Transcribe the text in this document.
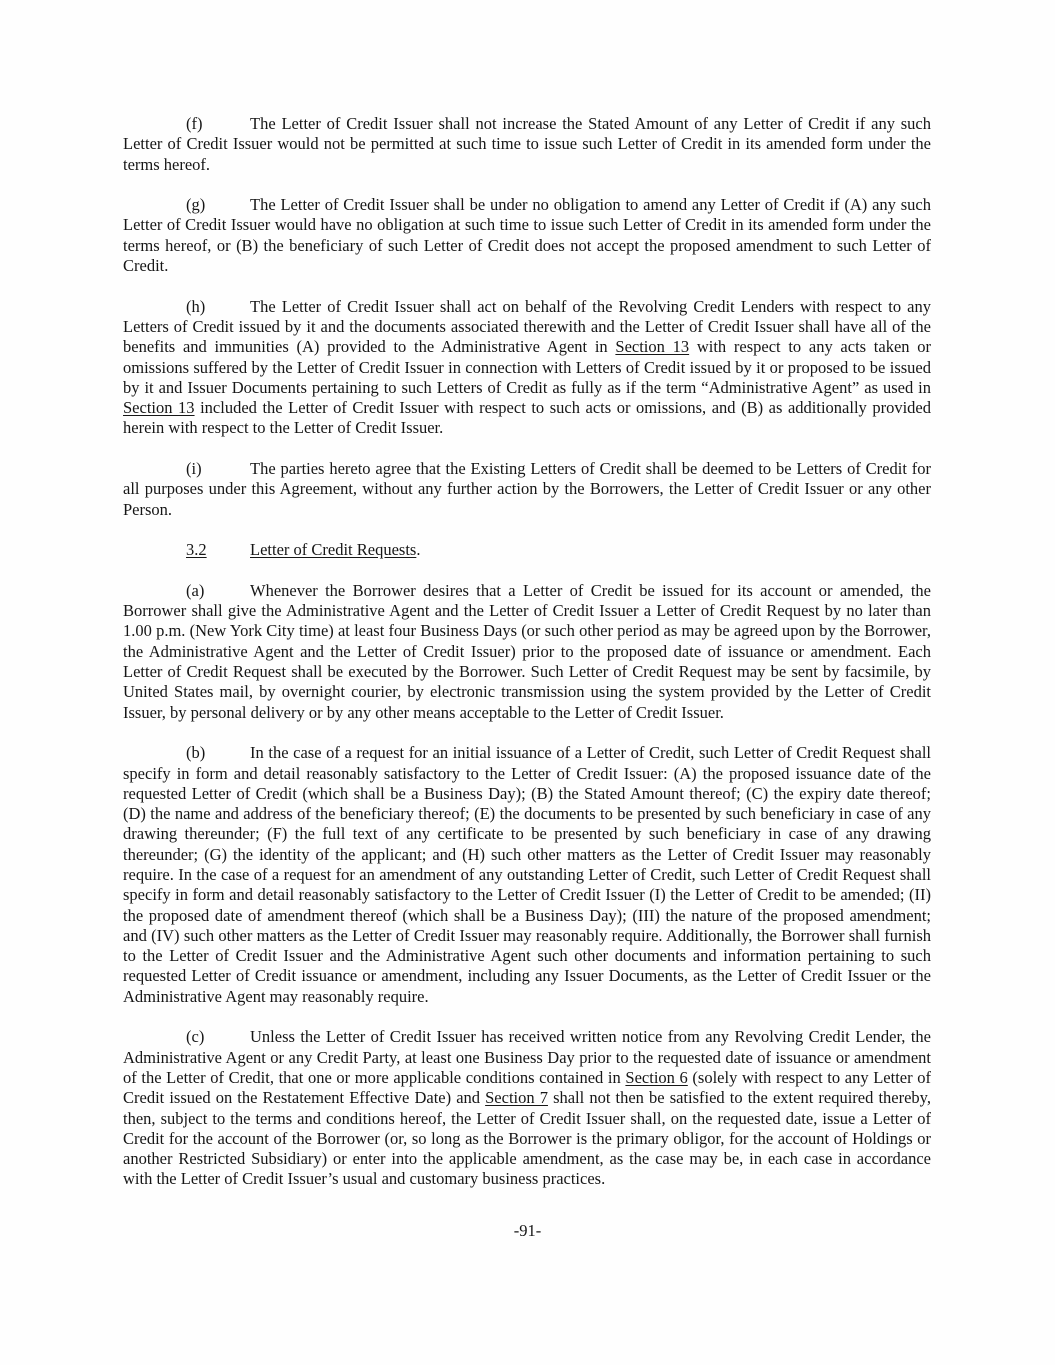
(f)	The Letter of Credit Issuer shall not increase the Stated Amount of any Letter of Credit if any such Letter of Credit Issuer would not be permitted at such time to issue such Letter of Credit in its amended form under the terms hereof.

(g)	The Letter of Credit Issuer shall be under no obligation to amend any Letter of Credit if (A) any such Letter of Credit Issuer would have no obligation at such time to issue such Letter of Credit in its amended form under the terms hereof, or (B) the beneficiary of such Letter of Credit does not accept the proposed amendment to such Letter of Credit.

(h)	The Letter of Credit Issuer shall act on behalf of the Revolving Credit Lenders with respect to any Letters of Credit issued by it and the documents associated therewith and the Letter of Credit Issuer shall have all of the benefits and immunities (A) provided to the Administrative Agent in Section 13 with respect to any acts taken or omissions suffered by the Letter of Credit Issuer in connection with Letters of Credit issued by it or proposed to be issued by it and Issuer Documents pertaining to such Letters of Credit as fully as if the term “Administrative Agent” as used in Section 13 included the Letter of Credit Issuer with respect to such acts or omissions, and (B) as additionally provided herein with respect to the Letter of Credit Issuer.

(i)	The parties hereto agree that the Existing Letters of Credit shall be deemed to be Letters of Credit for all purposes under this Agreement, without any further action by the Borrowers, the Letter of Credit Issuer or any other Person.

3.2	Letter of Credit Requests.

(a)	Whenever the Borrower desires that a Letter of Credit be issued for its account or amended, the Borrower shall give the Administrative Agent and the Letter of Credit Issuer a Letter of Credit Request by no later than 1.00 p.m. (New York City time) at least four Business Days (or such other period as may be agreed upon by the Borrower, the Administrative Agent and the Letter of Credit Issuer) prior to the proposed date of issuance or amendment. Each Letter of Credit Request shall be executed by the Borrower. Such Letter of Credit Request may be sent by facsimile, by United States mail, by overnight courier, by electronic transmission using the system provided by the Letter of Credit Issuer, by personal delivery or by any other means acceptable to the Letter of Credit Issuer.

(b)	In the case of a request for an initial issuance of a Letter of Credit, such Letter of Credit Request shall specify in form and detail reasonably satisfactory to the Letter of Credit Issuer: (A) the proposed issuance date of the requested Letter of Credit (which shall be a Business Day); (B) the Stated Amount thereof; (C) the expiry date thereof; (D) the name and address of the beneficiary thereof; (E) the documents to be presented by such beneficiary in case of any drawing thereunder; (F) the full text of any certificate to be presented by such beneficiary in case of any drawing thereunder; (G) the identity of the applicant; and (H) such other matters as the Letter of Credit Issuer may reasonably require. In the case of a request for an amendment of any outstanding Letter of Credit, such Letter of Credit Request shall specify in form and detail reasonably satisfactory to the Letter of Credit Issuer (I) the Letter of Credit to be amended; (II) the proposed date of amendment thereof (which shall be a Business Day); (III) the nature of the proposed amendment; and (IV) such other matters as the Letter of Credit Issuer may reasonably require. Additionally, the Borrower shall furnish to the Letter of Credit Issuer and the Administrative Agent such other documents and information pertaining to such requested Letter of Credit issuance or amendment, including any Issuer Documents, as the Letter of Credit Issuer or the Administrative Agent may reasonably require.

(c)	Unless the Letter of Credit Issuer has received written notice from any Revolving Credit Lender, the Administrative Agent or any Credit Party, at least one Business Day prior to the requested date of issuance or amendment of the Letter of Credit, that one or more applicable conditions contained in Section 6 (solely with respect to any Letter of Credit issued on the Restatement Effective Date) and Section 7 shall not then be satisfied to the extent required thereby, then, subject to the terms and conditions hereof, the Letter of Credit Issuer shall, on the requested date, issue a Letter of Credit for the account of the Borrower (or, so long as the Borrower is the primary obligor, for the account of Holdings or another Restricted Subsidiary) or enter into the applicable amendment, as the case may be, in each case in accordance with the Letter of Credit Issuer’s usual and customary business practices.

-91-
